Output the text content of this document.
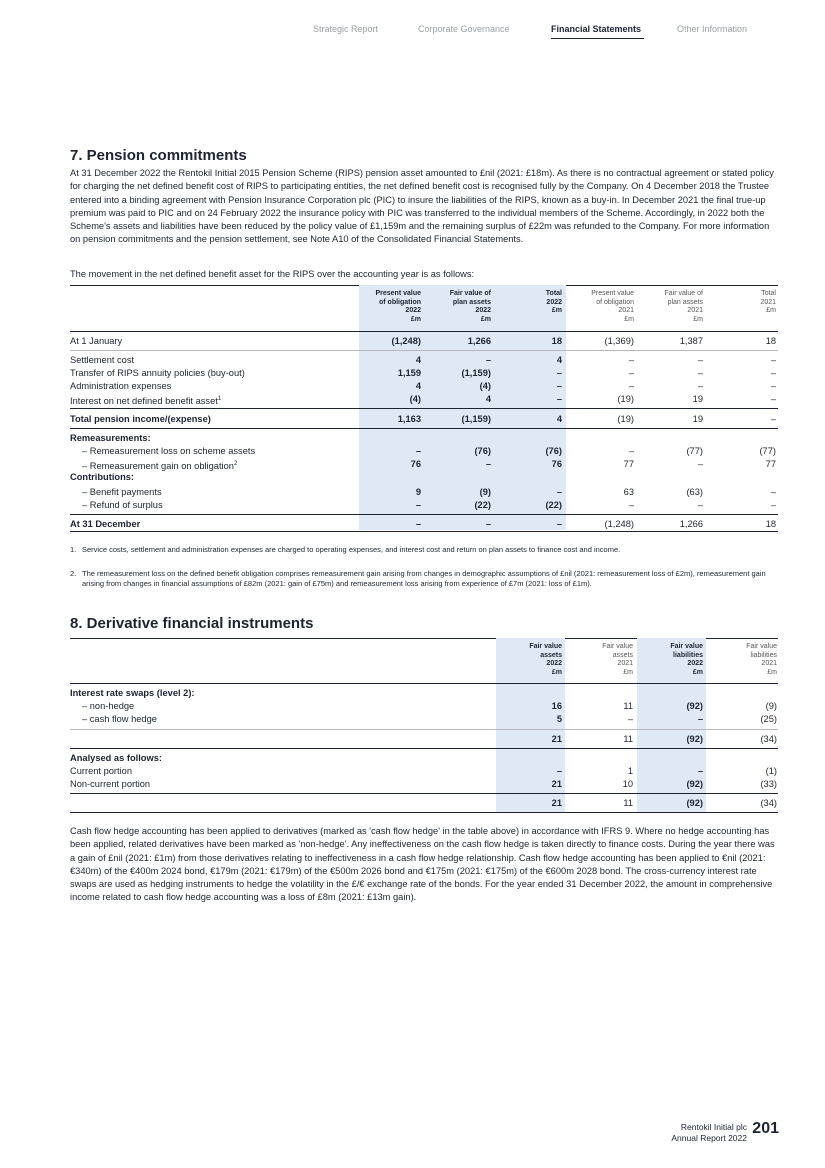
Strategic Report	Corporate Governance	Financial Statements	Other Information
7. Pension commitments

At 31 December 2022 the Rentokil Initial 2015 Pension Scheme (RIPS) pension asset amounted to £nil (2021: £18m). As there is no contractual agreement or stated policy for charging the net defined benefit cost of RIPS to participating entities, the net defined benefit cost is recognised fully by the Company. On 4 December 2018 the Trustee entered into a binding agreement with Pension Insurance Corporation plc (PIC) to insure the liabilities of the RIPS, known as a buy-in. In December 2021 the final true-up premium was paid to PIC and on 24 February 2022 the insurance policy with PIC was transferred to the individual members of the Scheme. Accordingly, in 2022 both the Scheme's assets and liabilities have been reduced by the policy value of £1,159m and the remaining surplus of £22m was refunded to the Company. For more information on pension commitments and the pension settlement, see Note A10 of the Consolidated Financial Statements.

The movement in the net defined benefit asset for the RIPS over the accounting year is as follows:

Present value
of obligation
2022
£m
Fair value of
plan assets
2022
£m
Total
2022
£m
Present value
of obligation
2021
£m
Fair value of
plan assets
2021
£m
Total
2021
£m
At 1 January	(1,248)	1,266	18	(1,369)	1,387	18
Settlement cost	4	–	4	–	–	–
Transfer of RIPS annuity policies (buy-out)	1,159	(1,159)	–	–	–	–
Administration expenses	4	(4)	–	–	–	–
Interest on net defined benefit asset$^1$	(4)	4	–	(19)	19	–
Total pension income/(expense)	1,163	(1,159)	4	(19)	19	–
Remeasurements:
– Remeasurement loss on scheme assets	–	(76)	(76)	–	(77)	(77)
– Remeasurement gain on obligation$^2$	76	–	76	77	–	77
Contributions:
– Benefit payments	9	(9)	–	63	(63)	–
– Refund of surplus	–	(22)	(22)	–	–	–
At 31 December	–	–	–	(1,248)	1,266	18
1. Service costs, settlement and administration expenses are charged to operating expenses, and interest cost and return on plan assets to finance cost and income.
2. The remeasurement loss on the defined benefit obligation comprises remeasurement gain arising from changes in demographic assumptions of £nil (2021: remeasurement loss of £2m), remeasurement gain arising from changes in financial assumptions of £82m (2021: gain of £75m) and remeasurement loss arising from experience of £7m (2021: loss of £1m).
8. Derivative financial instruments
Fair value
assets
2022
£m
Fair value
assets
2021
£m
Fair value
liabilities
2022
£m
Fair value
liabilities
2021
£m
Interest rate swaps (level 2):
– non-hedge	16	11	(92)	(9)
– cash flow hedge	5	–	–	(25)
21	11	(92)	(34)
Analysed as follows:
Current portion	–	1	–	(1)
Non-current portion	21	10	(92)	(33)
21	11	(92)	(34)

Cash flow hedge accounting has been applied to derivatives (marked as 'cash flow hedge' in the table above) in accordance with IFRS 9. Where no hedge accounting has been applied, related derivatives have been marked as 'non-hedge'. Any ineffectiveness on the cash flow hedge is taken directly to finance costs. During the year there was a gain of £nil (2021: £1m) from those derivatives relating to ineffectiveness in a cash flow hedge relationship. Cash flow hedge accounting has been applied to €nil (2021: €340m) of the €400m 2024 bond, €179m (2021: €179m) of the €500m 2026 bond and €175m (2021: €175m) of the €600m 2028 bond. The cross-currency interest rate swaps are used as hedging instruments to hedge the volatility in the £/€ exchange rate of the bonds. For the year ended 31 December 2022, the amount in comprehensive income related to cash flow hedge accounting was a loss of £8m (2021: £13m gain).

Rentokil Initial plc
Annual Report 2022
201
